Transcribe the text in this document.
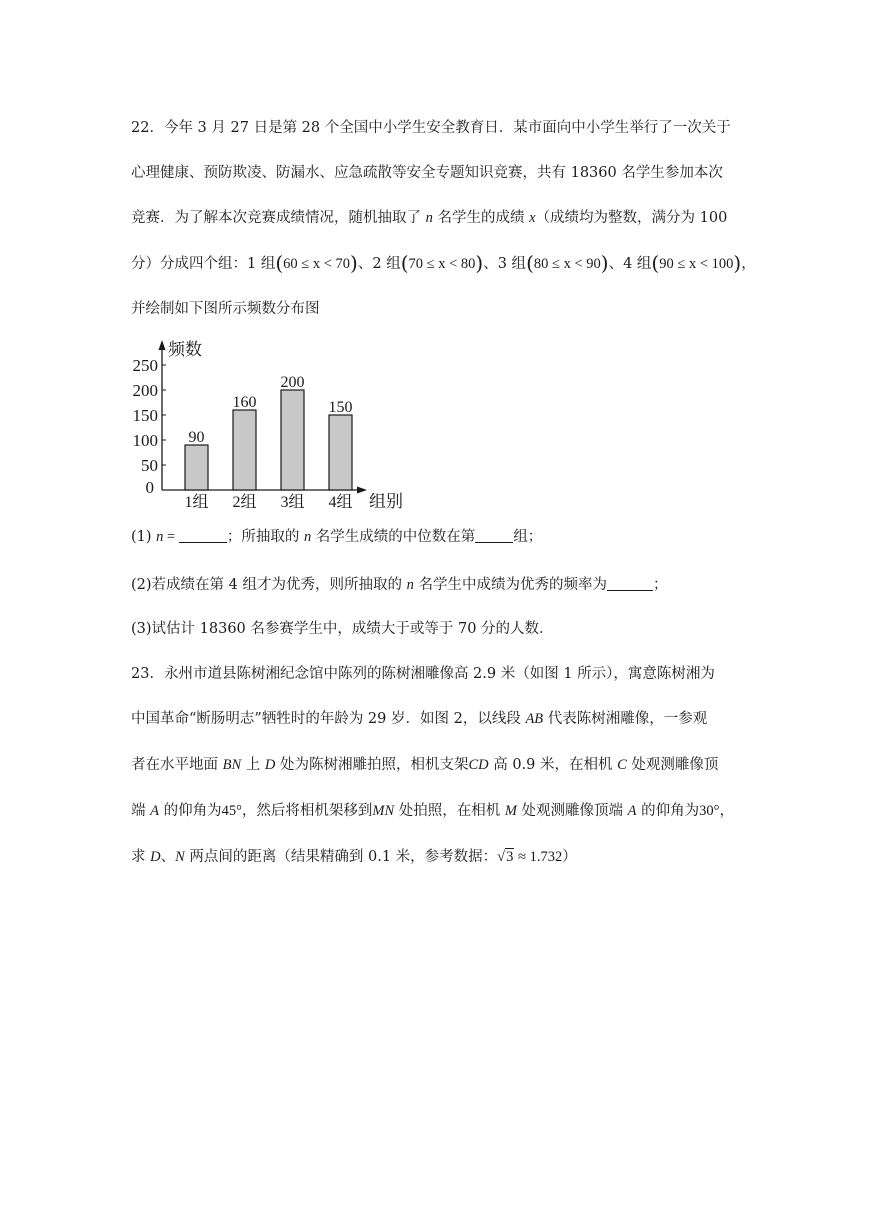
22．今年 3 月 27 日是第 28 个全国中小学生安全教育日．某市面向中小学生举行了一次关于
心理健康、预防欺凌、防漏水、应急疏散等安全专题知识竞赛，共有 18360 名学生参加本次
竞赛．为了解本次竞赛成绩情况，随机抽取了 n 名学生的成绩 x（成绩均为整数，满分为 100
分）分成四个组：1 组(60 ≤ x < 70)、2 组(70 ≤ x < 80)、3 组(80 ≤ x < 90)、4 组(90 ≤ x < 100)，
并绘制如下图所示频数分布图
0
50
100
150
200
250
频数
组别
90
1组
160
2组
200
3组
150
4组
(1) n =	；所抽取的 n 名学生成绩的中位数在第	组；
(2)若成绩在第 4 组才为优秀，则所抽取的 n 名学生中成绩为优秀的频率为	；
(3)试估计 18360 名参赛学生中，成绩大于或等于 70 分的人数．
23．永州市道县陈树湘纪念馆中陈列的陈树湘雕像高 2.9 米（如图 1 所示），寓意陈树湘为
中国革命“断肠明志”牺牲时的年龄为 29 岁．如图 2，以线段 AB 代表陈树湘雕像，一参观
者在水平地面 BN 上 D 处为陈树湘雕拍照，相机支架CD 高 0.9 米，在相机 C 处观测雕像顶
端 A 的仰角为45°，然后将相机架移到MN 处拍照，在相机 M 处观测雕像顶端 A 的仰角为30°，
求 D、N 两点间的距离（结果精确到 0.1 米，参考数据：√3 ≈ 1.732）
